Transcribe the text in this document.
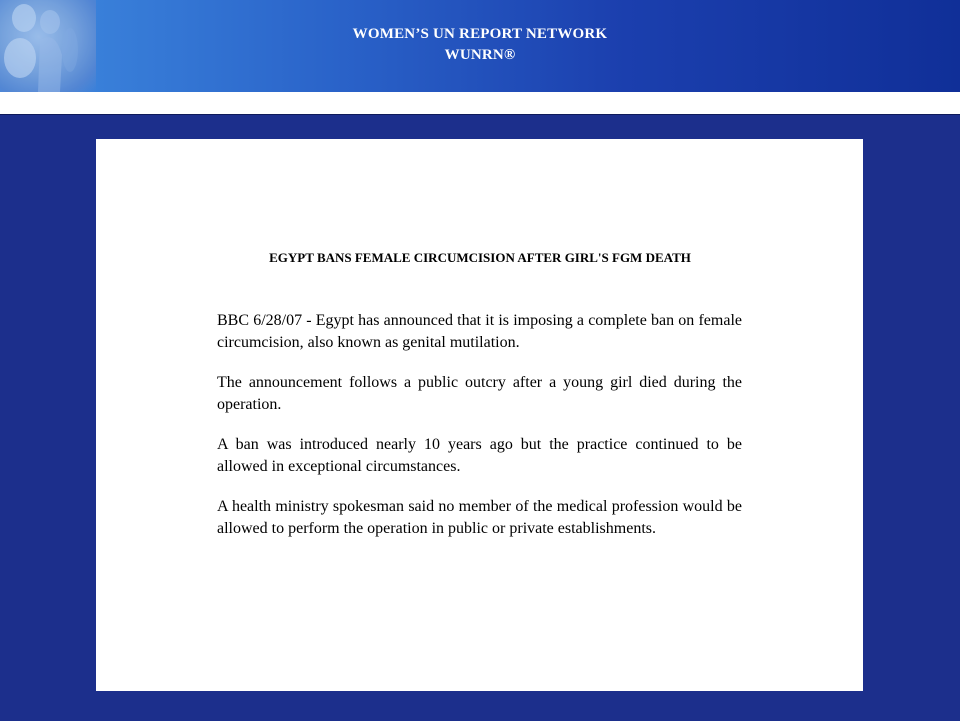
WOMEN’S UN REPORT NETWORK
WUNRN®
EGYPT BANS FEMALE CIRCUMCISION AFTER GIRL'S FGM DEATH

BBC 6/28/07 - Egypt has announced that it is imposing a complete ban on female circumcision, also known as genital mutilation.

The announcement follows a public outcry after a young girl died during the operation.

A ban was introduced nearly 10 years ago but the practice continued to be allowed in exceptional circumstances.

A health ministry spokesman said no member of the medical profession would be allowed to perform the operation in public or private establishments.
